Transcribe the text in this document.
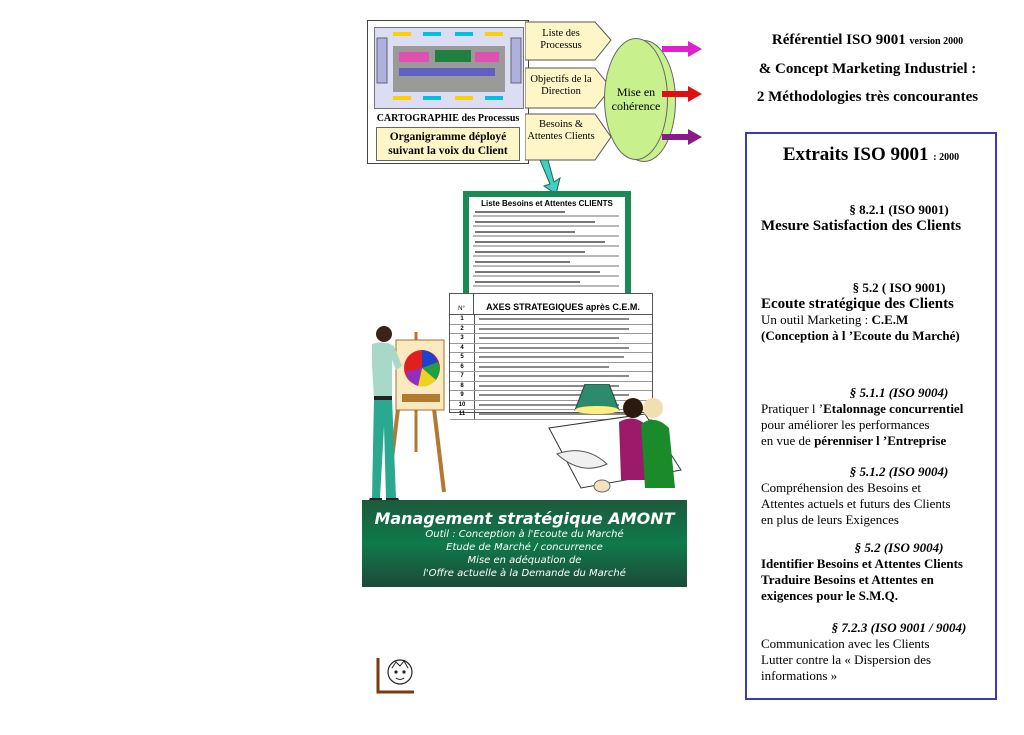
Référentiel ISO 9001 version 2000
& Concept Marketing Industriel :
2 Méthodologies très concourantes
Extraits ISO 9001 : 2000
§ 8.2.1 (ISO 9001)
Mesure Satisfaction des Clients
§ 5.2 ( ISO 9001)
Ecoute stratégique des Clients
Un outil Marketing : C.E.M
(Conception à l ’Ecoute du Marché)
§ 5.1.1 (ISO 9004)
Pratiquer l ’Etalonnage concurrentiel
pour améliorer les performances
en vue de pérenniser l ’Entreprise
§ 5.1.2 (ISO 9004)
Compréhension des Besoins et
Attentes actuels et futurs des Clients
en plus de leurs Exigences
§ 5.2 (ISO 9004)
Identifier Besoins et Attentes Clients
Traduire Besoins et Attentes en
exigences pour le S.M.Q.
§ 7.2.3 (ISO 9001 / 9004)
Communication avec les Clients
Lutter contre la « Dispersion des
informations »
CARTOGRAPHIE des Processus
Organigramme déployé suivant la voix du Client
Liste des Processus
Objectifs de la Direction
Besoins & Attentes Clients
Mise en cohérence
Liste Besoins et Attentes CLIENTS
N°	AXES STRATEGIQUES après C.E.M.
1
2
3
4
5
6
7
8
9
10
11
Management stratégique AMONT
Outil : Conception à l'Ecoute du Marché
Etude de Marché / concurrence
Mise en adéquation de
l'Offre actuelle à la Demande du Marché
